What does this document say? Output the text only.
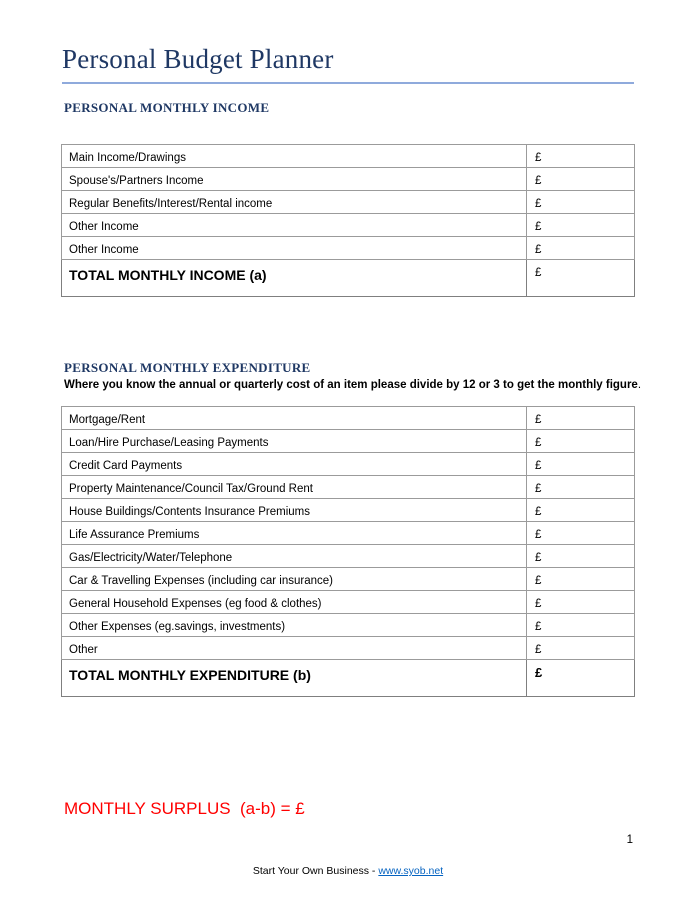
Personal Budget Planner
PERSONAL MONTHLY INCOME
Main Income/Drawings	£
Spouse's/Partners Income	£
Regular Benefits/Interest/Rental income	£
Other Income	£
Other Income	£
TOTAL MONTHLY INCOME (a)	£
PERSONAL MONTHLY EXPENDITURE
Where you know the annual or quarterly cost of an item please divide by 12 or 3 to get the monthly figure.
Mortgage/Rent	£
Loan/Hire Purchase/Leasing Payments	£
Credit Card Payments	£
Property Maintenance/Council Tax/Ground Rent	£
House Buildings/Contents Insurance Premiums	£
Life Assurance Premiums	£
Gas/Electricity/Water/Telephone	£
Car & Travelling Expenses (including car insurance)	£
General Household Expenses (eg food & clothes)	£
Other Expenses (eg.savings, investments)	£
Other	£
TOTAL MONTHLY EXPENDITURE (b)	£
MONTHLY SURPLUS  (a-b) = £
1
Start Your Own Business - www.syob.net
